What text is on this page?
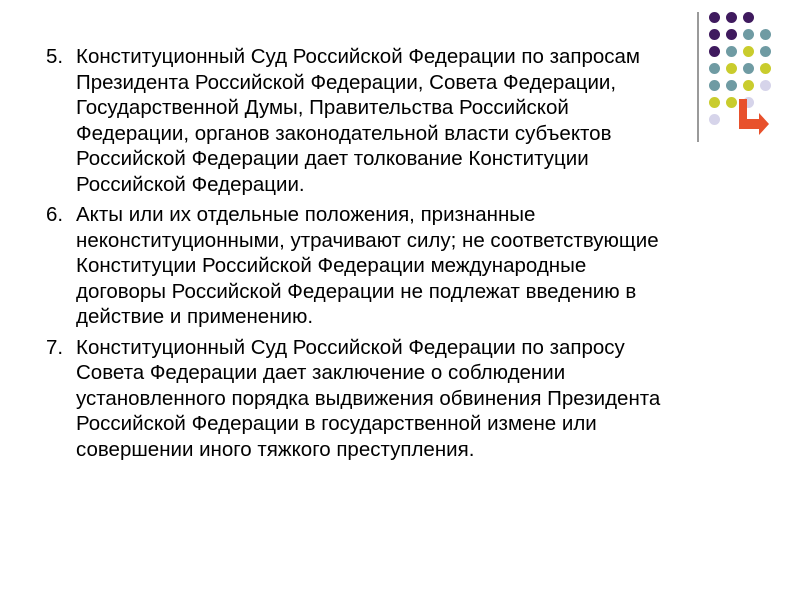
5. Конституционный Суд Российской Федерации по запросам Президента Российской Федерации, Совета Федерации, Государственной Думы, Правительства Российской Федерации, органов законодательной власти субъектов Российской Федерации дает толкование Конституции Российской Федерации.
6. Акты или их отдельные положения, признанные неконституционными, утрачивают силу; не соответствующие Конституции Российской Федерации международные договоры Российской Федерации не подлежат введению в действие и применению.
7. Конституционный Суд Российской Федерации по запросу Совета Федерации дает заключение о соблюдении установленного порядка выдвижения обвинения Президента Российской Федерации в государственной измене или совершении иного тяжкого преступления.
